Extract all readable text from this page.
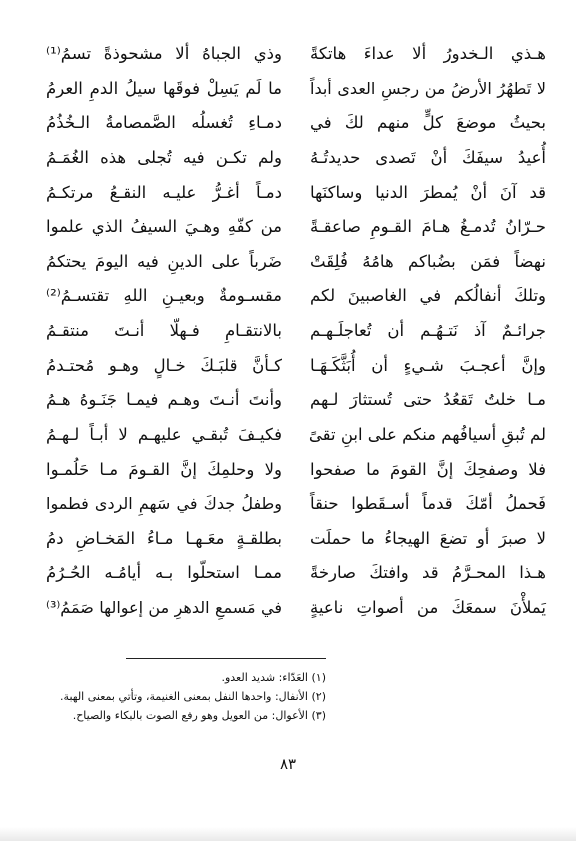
هـذي الـخدورُ ألا عداءَ هاتكةً
وذي الجباهُ ألا مشحوذةً تسمُ⁽¹⁾
لا تَطهُرُ الأرضُ من رجسِ العدى أبداً
ما لَم يَسِلْ فوقَها سيلُ الدمِ العرمُ
بحيثُ موضعَ كلٍّ منهم لكَ في
دمـاءِ تُغسلُه الصَّمصامةُ الـخُذُمُ
أُعيدُ سيفَكَ أنْ تَصدى حديدتُـهُ
ولم تكـن فيه تُجلى هذه الغُمَـمُ
قد آنَ أنْ يُمطرَ الدنيا وساكنَها
دمـاً أغـرُّ عليـه النقـعُ مرتكـمُ
حـرّانُ تُدمـغُ هـامَ القـومِ صاعقـةً
من كفّهِ وهـيَ السيفُ الذي علموا
نهضاً فمَن بضُباكم هامُهُ فُلِقَتْ
ضَرباً على الدينِ فيه اليومَ يحتكمُ
وتلكَ أنفالُكم في الغاصبينَ لكم
مقسـومةٌ وبعيـنِ اللهِ تقتسـمُ⁽²⁾
جرائـمٌ آذ نَتـهُـم أن تُعاجلَـهـم
بالانتقـامِ فـهلّا أنـتَ منتقـمُ
وإنَّ أعجـبَ شـيءٍ أن أُبَثَّكَـهَـا
كـأنَّ قلبَـكَ خـالٍ وهـو مُحتـدمُ
مـا خلتُ تَقعُدُ حتى تُستثارَ لـهم
وأنتَ أنـتَ وهـم فيمـا جَنَـوهُ هـمُ
لم تُبقِ أسيافُهم منكم على ابنِ تقىً
فكيـفَ تُبقـي عليهـم لا أبـاً لـهـمُ
فلا وصفحِكَ إنَّ القومَ ما صفحوا
ولا وحلمِكَ إنَّ القـومَ مـا حَلُمـوا
فَحملُ أمّكَ قدماً أسـقَطوا حنقاً
وطفلُ جدكَ في سَهمِ الردى فطموا
لا صبرَ أو تضعَ الهيجاءُ ما حملَت
بطلقـةٍ معَـهـا مـاءُ المَخـاضِ دمُ
هـذا المحـرَّمُ قد وافتكَ صارخةً
ممـا استحلّوا بـه أيامُـه الحُـرُمُ
يَملأْنَ سمعَكَ من أصواتِ ناعيةٍ
في مَسمعِ الدهرِ من إعوالها صَمَمُ⁽³⁾
(١) العَدّاء: شديد العدو.
(٢) الأنفال: واحدها النفل بمعنى الغنيمة، وتأتي بمعنى الهبة.
(٣) الأعوال: من العويل وهو رفع الصوت بالبكاء والصياح.
٨٣
